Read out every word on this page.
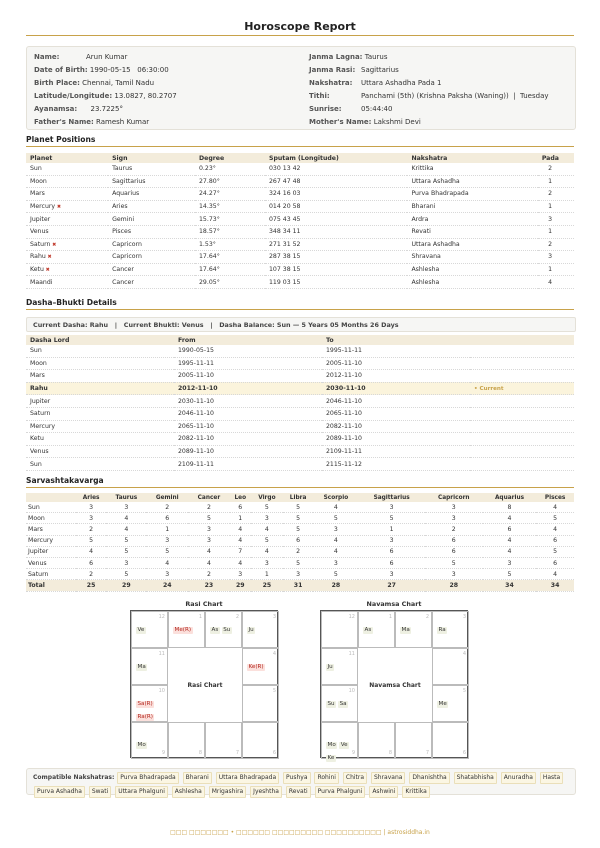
Horoscope Report
Name:	Arun Kumar
Date of Birth: 1990-05-15   06:30:00
Birth Place: Chennai, Tamil Nadu
Latitude/Longitude: 13.0827, 80.2707
Ayanamsa: 23.7225°
Father's Name: Ramesh Kumar
Janma Lagna: Taurus
Janma Rasi: Sagittarius
Nakshatra: Uttara Ashadha Pada 1
Tithi:	Panchami (5th) (Krishna Paksha (Waning))  |  Tuesday
Sunrise:	05:44:40
Mother's Name: Lakshmi Devi
Planet Positions
Planet	Sign	Degree	Sputam (Longitude)	Nakshatra	Pada
Sun	Taurus	0.23°	030 13 42	Krittika	2
Moon	Sagittarius	27.80°	267 47 48	Uttara Ashadha	1
Mars	Aquarius	24.27°	324 16 03	Purva Bhadrapada	2
Mercury ✖	Aries	14.35°	014 20 58	Bharani	1
Jupiter	Gemini	15.73°	075 43 45	Ardra	3
Venus	Pisces	18.57°	348 34 11	Revati	1
Saturn ✖	Capricorn	1.53°	271 31 52	Uttara Ashadha	2
Rahu ✖	Capricorn	17.64°	287 38 15	Shravana	3
Ketu ✖	Cancer	17.64°	107 38 15	Ashlesha	1
Maandi	Cancer	29.05°	119 03 15	Ashlesha	4
Dasha–Bhukti Details
Current Dasha: Rahu   |   Current Bhukti: Venus   |   Dasha Balance: Sun — 5 Years 05 Months 26 Days
Dasha Lord	From	To	
Sun	1990-05-15	1995-11-11	
Moon	1995-11-11	2005-11-10	
Mars	2005-11-10	2012-11-10	
Rahu	2012-11-10	2030-11-10	• Current
Jupiter	2030-11-10	2046-11-10	
Saturn	2046-11-10	2065-11-10	
Mercury	2065-11-10	2082-11-10	
Ketu	2082-11-10	2089-11-10	
Venus	2089-11-10	2109-11-11	
Sun	2109-11-11	2115-11-12	
Sarvashtakavarga
	Aries	Taurus	Gemini	Cancer	Leo	Virgo	Libra	Scorpio	Sagittarius	Capricorn	Aquarius	Pisces
Sun	3	3	2	2	6	5	5	4	3	3	8	4
Moon	3	4	6	5	1	3	5	5	5	3	4	5
Mars	2	4	1	3	4	4	5	3	1	2	6	4
Mercury	5	5	3	3	4	5	6	4	3	6	4	6
Jupiter	4	5	5	4	7	4	2	4	6	6	4	5
Venus	6	3	4	4	4	3	5	3	6	5	3	6
Saturn	2	5	3	2	3	1	3	5	3	3	5	4
Total	25	29	24	23	29	25	31	28	27	28	34	34
Rasi Chart
12
Ve
1
Me(R)
2
As Su
3
Ju
11
Ma
4
Ke(R)
10
Sa(R)Ra(R)
5
9
Mo
8	7	6
Rasi Chart
Navamsa Chart
12	1
As
2
Ma
3
Ra
11
Ju
4
10
Su Sa
5
Me
9
Mo VeKe
8	7	6
Navamsa Chart
Compatible Nakshatras: Purva Bhadrapada Bharani Uttara Bhadrapada Pushya Rohini Chitra Shravana Dhanishtha Shatabhisha Anuradha Hasta Purva Ashadha Swati Uttara Phalguni Ashlesha Mrigashira Jyeshtha Revati Purva Phalguni Ashwini Krittika
□□□ □□□□□□□ • □□□□□□ □□□□□□□□□ □□□□□□□□□□ | astrosiddha.in
